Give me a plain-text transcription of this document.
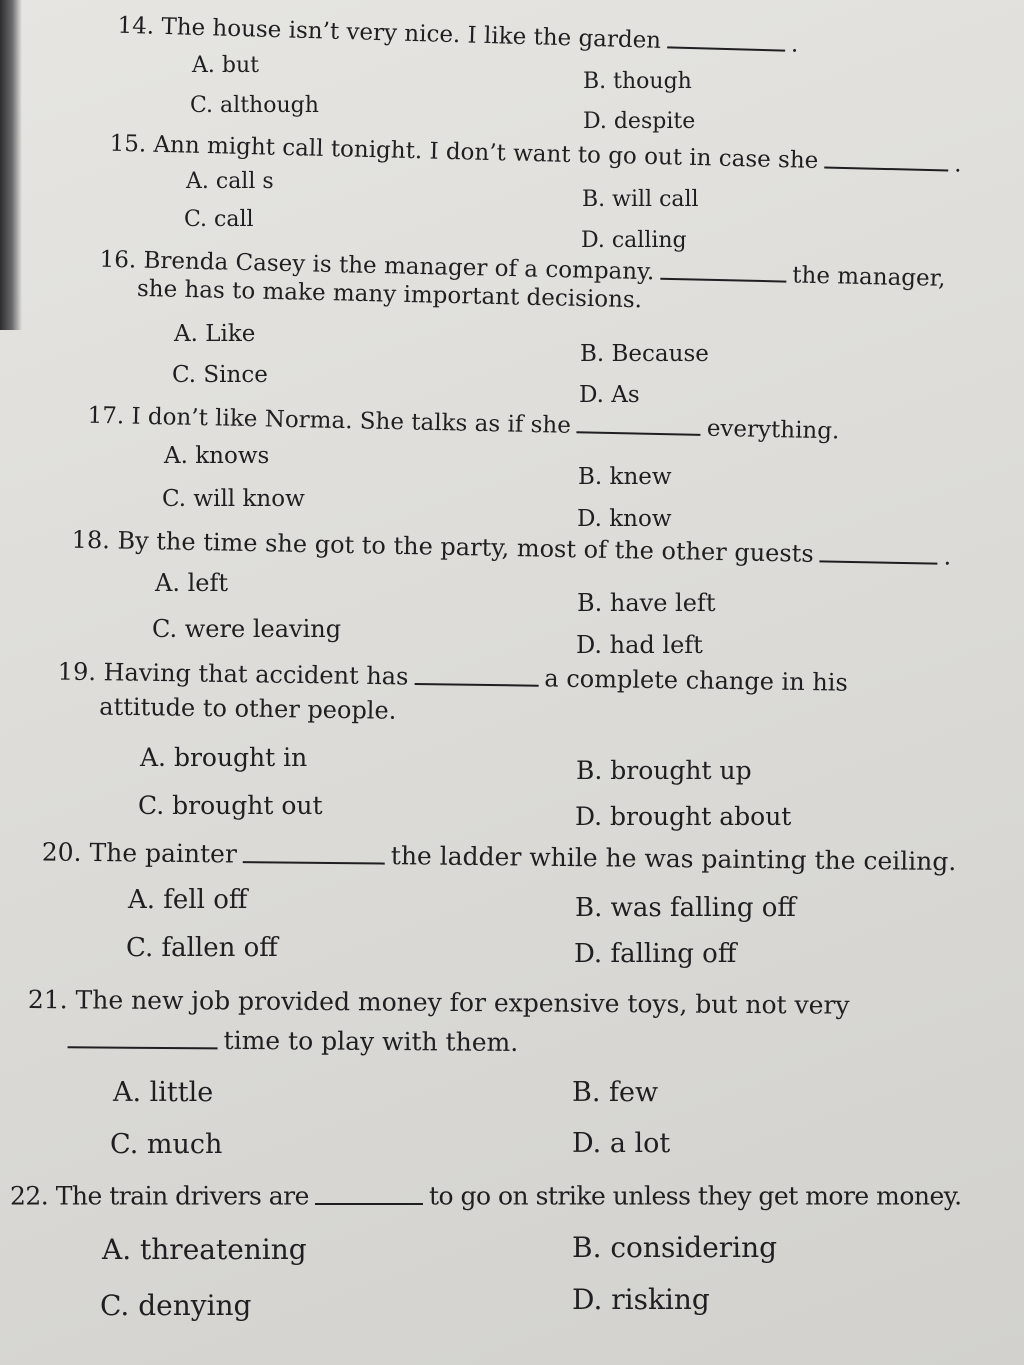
14. The house isn’t very nice. I like the garden	.

A. but

B. though

C. although

D. despite

15. Ann might call tonight. I don’t want to go out in case she	.

A. call s

B. will call

C. call

D. calling

16. Brenda Casey is the manager of a company.	the manager,
she has to make many important decisions.

A. Like

B. Because

C. Since

D. As

17. I don’t like Norma. She talks as if she	everything.

A. knows

B. knew

C. will know

D. know

18. By the time she got to the party, most of the other guests	.

A. left

B. have left

C. were leaving

D. had left

19. Having that accident has	a complete change in his
attitude to other people.

A. brought in	B. brought up

C. brought out	D. brought about

20. The painter	the ladder while he was painting the ceiling.

A. fell off	B. was falling off

C. fallen off	D. falling off

21. The new job provided money for expensive toys, but not very
time to play with them.

A. little	B. few

C. much	D. a lot

22. The train drivers are	to go on strike unless they get more money.

A. threatening	B. considering

C. denying	D. risking
